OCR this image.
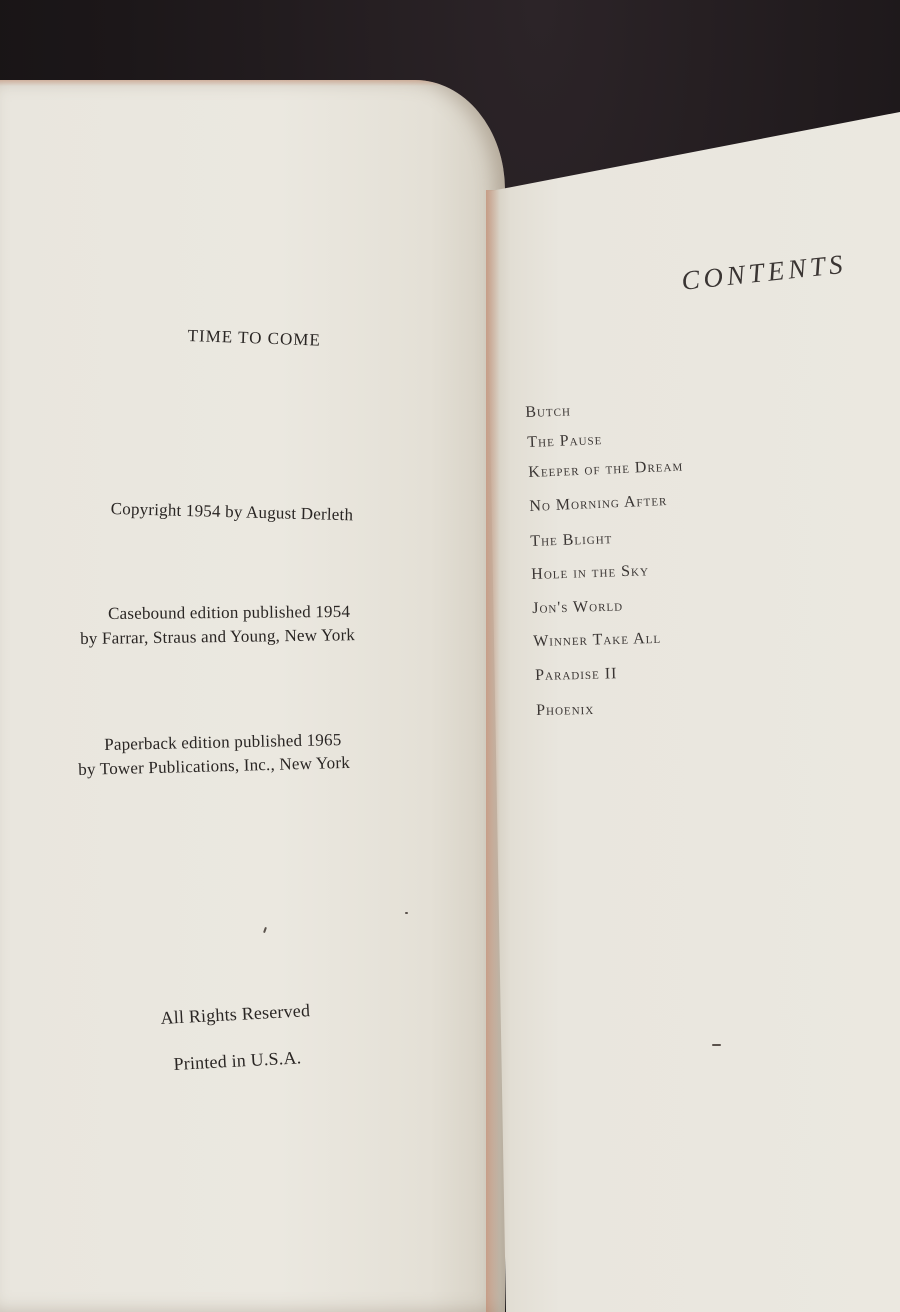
TIME TO COME
Copyright 1954 by August Derleth
Casebound edition published 1954
by Farrar, Straus and Young, New York
Paperback edition published 1965
by Tower Publications, Inc., New York
All Rights Reserved
Printed in U.S.A.
CONTENTS
Butch
The Pause
Keeper of the Dream
No Morning After
The Blight
Hole in the Sky
Jon's World
Winner Take All
Paradise II
Phoenix
